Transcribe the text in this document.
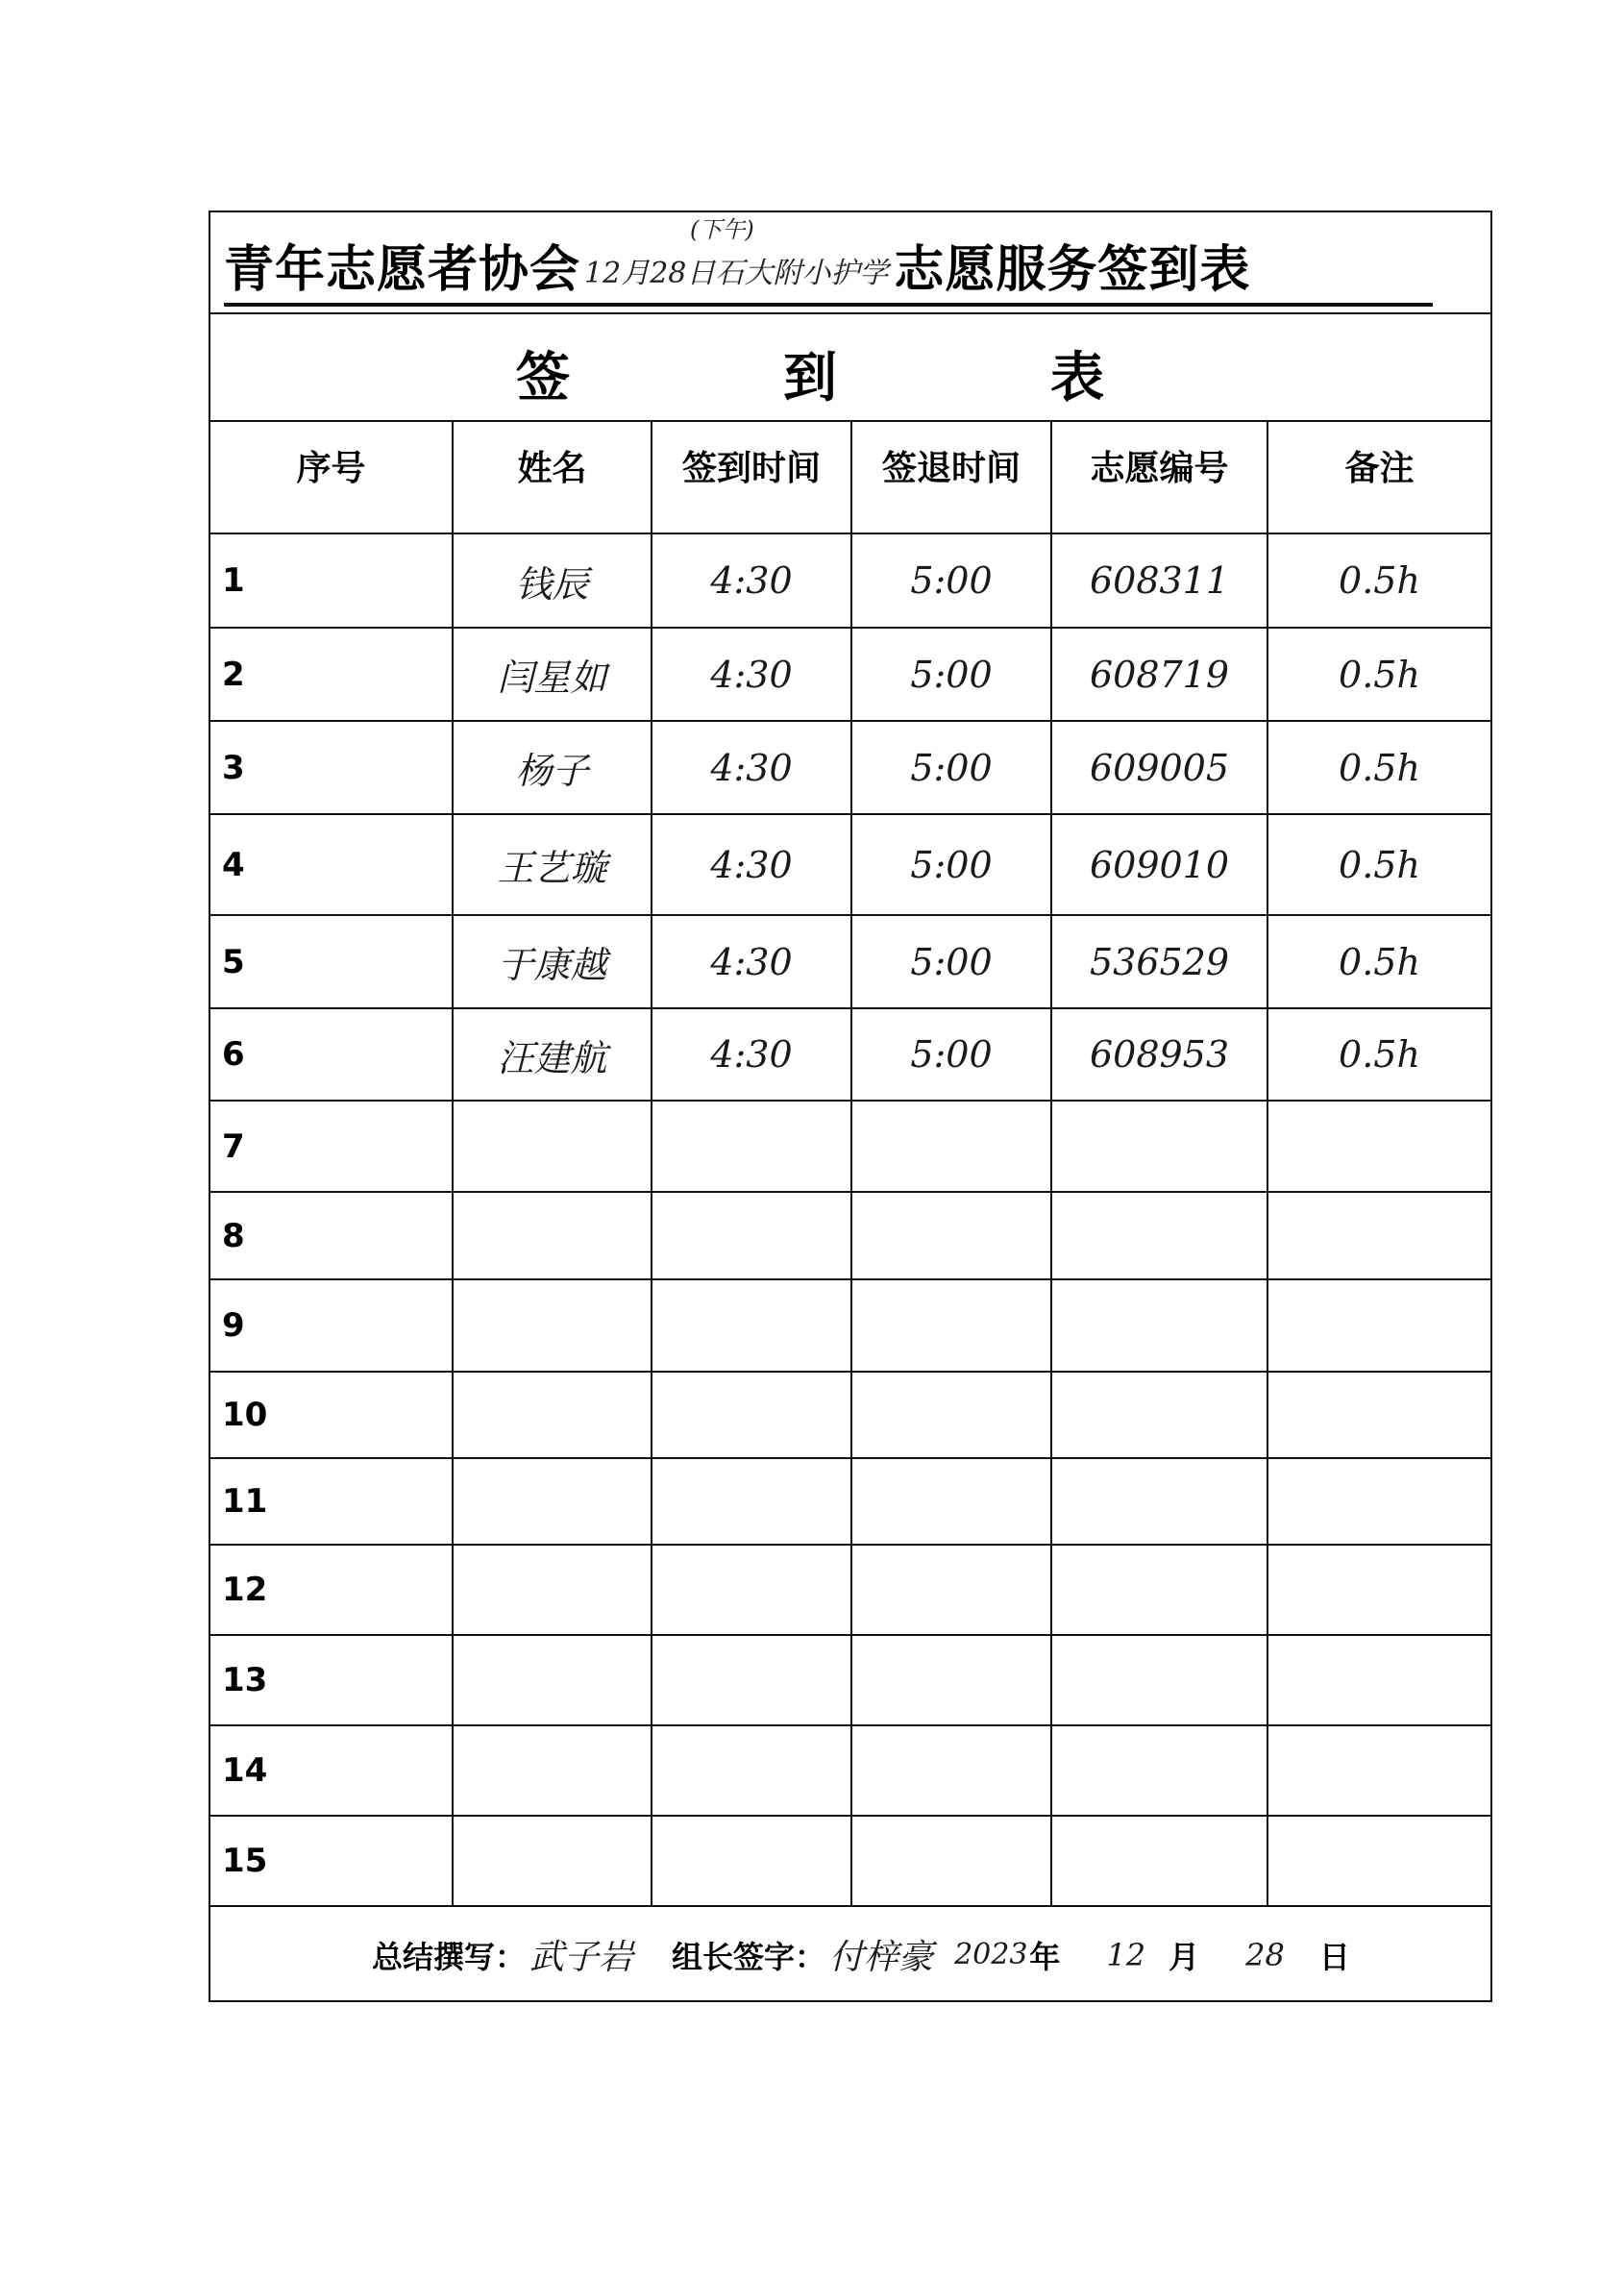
青年志愿者协会
(下午)
12月28日石大附小护学 志愿服务签到表
签	到	表
序号	姓名	签到时间	签退时间	志愿编号	备注
1	钱辰	4:30	5:00	608311	0.5h
2	闫星如	4:30	5:00	608719	0.5h
3	杨子	4:30	5:00	609005	0.5h
4	王艺璇	4:30	5:00	609010	0.5h
5	于康越	4:30	5:00	536529	0.5h
6	汪建航	4:30	5:00	608953	0.5h
7					
8					
9					
10					
11					
12					
13					
14					
15					
总结撰写： 武子岩 组长签字： 付梓豪 2023 年 12 月 28 日
